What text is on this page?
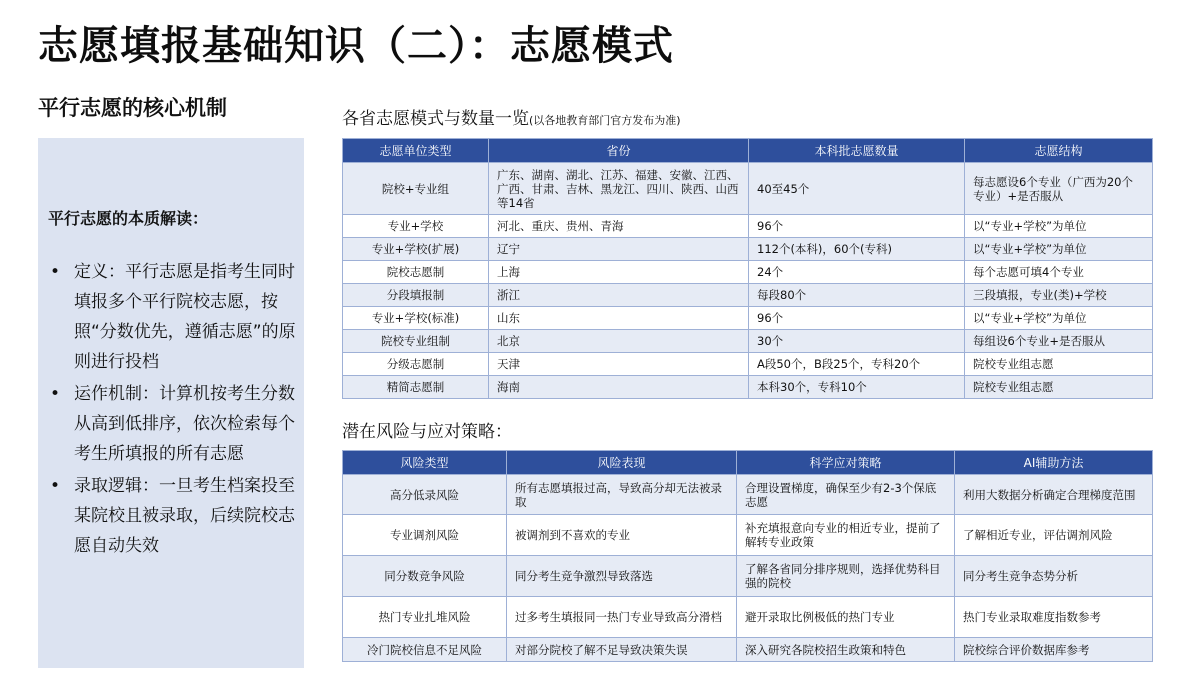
志愿填报基础知识（二）：志愿模式
平行志愿的核心机制
平行志愿的本质解读：
• 定义：平行志愿是指考生同时填报多个平行院校志愿，按照“分数优先，遵循志愿”的原则进行投档
• 运作机制：计算机按考生分数从高到低排序，依次检索每个考生所填报的所有志愿
• 录取逻辑：一旦考生档案投至某院校且被录取，后续院校志愿自动失效
各省志愿模式与数量一览(以各地教育部门官方发布为准)
志愿单位类型	省份	本科批志愿数量	志愿结构
院校+专业组	广东、湖南、湖北、江苏、福建、安徽、江西、广西、甘肃、吉林、黑龙江、四川、陕西、山西等14省	40至45个	每志愿设6个专业（广西为20个专业）+是否服从
专业+学校	河北、重庆、贵州、青海	96个	以“专业+学校”为单位
专业+学校(扩展)	辽宁	112个(本科)，60个(专科)	以“专业+学校”为单位
院校志愿制	上海	24个	每个志愿可填4个专业
分段填报制	浙江	每段80个	三段填报，专业(类)+学校
专业+学校(标准)	山东	96个	以“专业+学校”为单位
院校专业组制	北京	30个	每组设6个专业+是否服从
分级志愿制	天津	A段50个，B段25个，专科20个	院校专业组志愿
精简志愿制	海南	本科30个，专科10个	院校专业组志愿
潜在风险与应对策略：
风险类型	风险表现	科学应对策略	AI辅助方法
高分低录风险	所有志愿填报过高，导致高分却无法被录取	合理设置梯度，确保至少有2-3个保底志愿	利用大数据分析确定合理梯度范围
专业调剂风险	被调剂到不喜欢的专业	补充填报意向专业的相近专业，提前了解转专业政策	了解相近专业，评估调剂风险
同分数竞争风险	同分考生竞争激烈导致落选	了解各省同分排序规则，选择优势科目强的院校	同分考生竞争态势分析
热门专业扎堆风险	过多考生填报同一热门专业导致高分滑档	避开录取比例极低的热门专业	热门专业录取难度指数参考
冷门院校信息不足风险	对部分院校了解不足导致决策失误	深入研究各院校招生政策和特色	院校综合评价数据库参考
